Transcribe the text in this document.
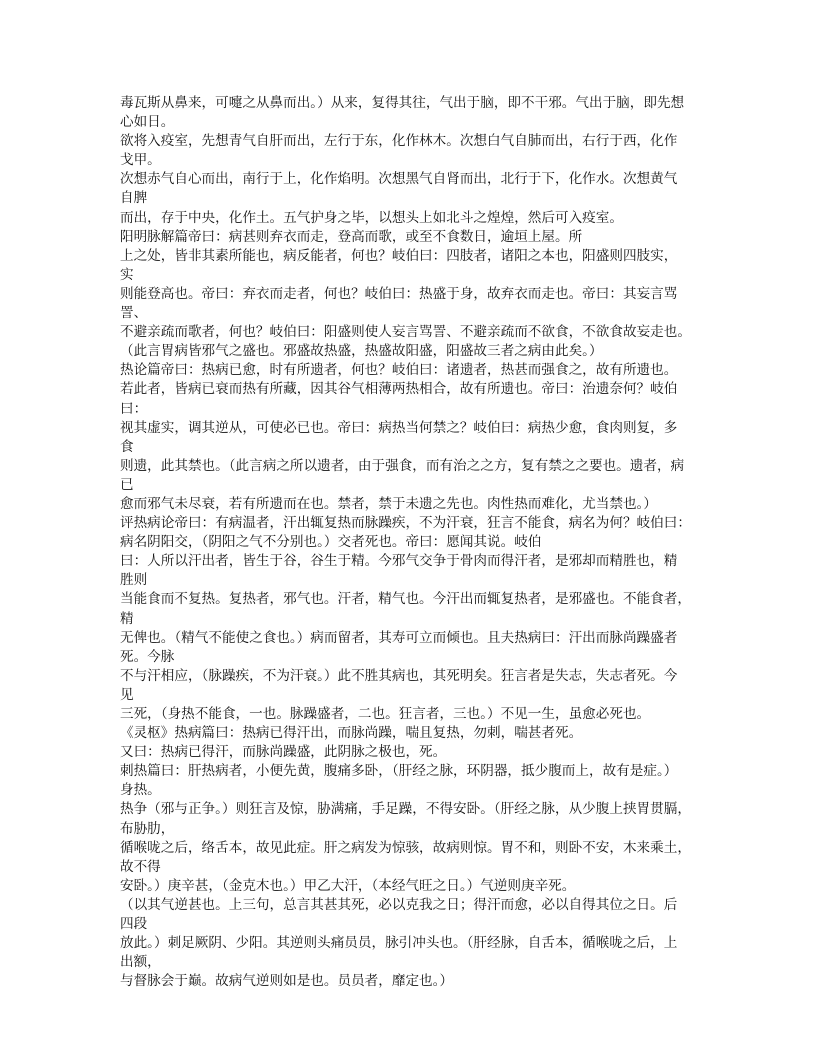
毒瓦斯从鼻来，可嚏之从鼻而出。）从来，复得其往，气出于脑，即不干邪。气出于脑，即先想

心如日。

欲将入疫室，先想青气自肝而出，左行于东，化作林木。次想白气自肺而出，右行于西，化作

戈甲。

次想赤气自心而出，南行于上，化作焰明。次想黑气自肾而出，北行于下，化作水。次想黄气

自脾

而出，存于中央，化作土。五气护身之毕，以想头上如北斗之煌煌，然后可入疫室。

阳明脉解篇帝曰：病甚则弃衣而走，登高而歌，或至不食数日，逾垣上屋。所

上之处，皆非其素所能也，病反能者，何也？岐伯曰：四肢者，诸阳之本也，阳盛则四肢实，

实

则能登高也。帝曰：弃衣而走者，何也？岐伯曰：热盛于身，故弃衣而走也。帝曰：其妄言骂

詈、

不避亲疏而歌者，何也？岐伯曰：阳盛则使人妄言骂詈、不避亲疏而不欲食，不欲食故妄走也。

（此言胃病皆邪气之盛也。邪盛故热盛，热盛故阳盛，阳盛故三者之病由此矣。）

热论篇帝曰：热病已愈，时有所遗者，何也？岐伯曰：诸遗者，热甚而强食之，故有所遗也。

若此者，皆病已衰而热有所藏，因其谷气相薄两热相合，故有所遗也。帝曰：治遗奈何？岐伯

曰：

视其虚实，调其逆从，可使必已也。帝曰：病热当何禁之？岐伯曰：病热少愈，食肉则复，多

食

则遗，此其禁也。（此言病之所以遗者，由于强食，而有治之之方，复有禁之之要也。遗者，病

已

愈而邪气未尽衰，若有所遗而在也。禁者，禁于未遗之先也。肉性热而难化，尤当禁也。）

评热病论帝曰：有病温者，汗出辄复热而脉躁疾，不为汗衰，狂言不能食，病名为何？岐伯曰：

病名阴阳交，（阴阳之气不分别也。）交者死也。帝曰：愿闻其说。岐伯

曰：人所以汗出者，皆生于谷，谷生于精。今邪气交争于骨肉而得汗者，是邪却而精胜也，精

胜则

当能食而不复热。复热者，邪气也。汗者，精气也。今汗出而辄复热者，是邪盛也。不能食者，

精

无俾也。（精气不能使之食也。）病而留者，其寿可立而倾也。且夫热病曰：汗出而脉尚躁盛者

死。今脉

不与汗相应，（脉躁疾，不为汗衰。）此不胜其病也，其死明矣。狂言者是失志，失志者死。今

见

三死，（身热不能食，一也。脉躁盛者，二也。狂言者，三也。）不见一生，虽愈必死也。

《灵枢》热病篇曰：热病已得汗出，而脉尚躁，喘且复热，勿刺，喘甚者死。

又曰：热病已得汗，而脉尚躁盛，此阴脉之极也，死。

刺热篇曰：肝热病者，小便先黄，腹痛多卧，（肝经之脉，环阴器，抵少腹而上，故有是症。）

身热。

热争（邪与正争。）则狂言及惊，胁满痛，手足躁，不得安卧。（肝经之脉，从少腹上挟胃贯膈，

布胁肋，

循喉咙之后，络舌本，故见此症。肝之病发为惊骇，故病则惊。胃不和，则卧不安，木来乘土，

故不得

安卧。）庚辛甚，（金克木也。）甲乙大汗，（本经气旺之日。）气逆则庚辛死。

（以其气逆甚也。上三句，总言其甚其死，必以克我之日；得汗而愈，必以自得其位之日。后

四段

放此。）刺足厥阴、少阳。其逆则头痛员员，脉引冲头也。（肝经脉，自舌本，循喉咙之后，上

出额，

与督脉会于巅。故病气逆则如是也。员员者，靡定也。）
